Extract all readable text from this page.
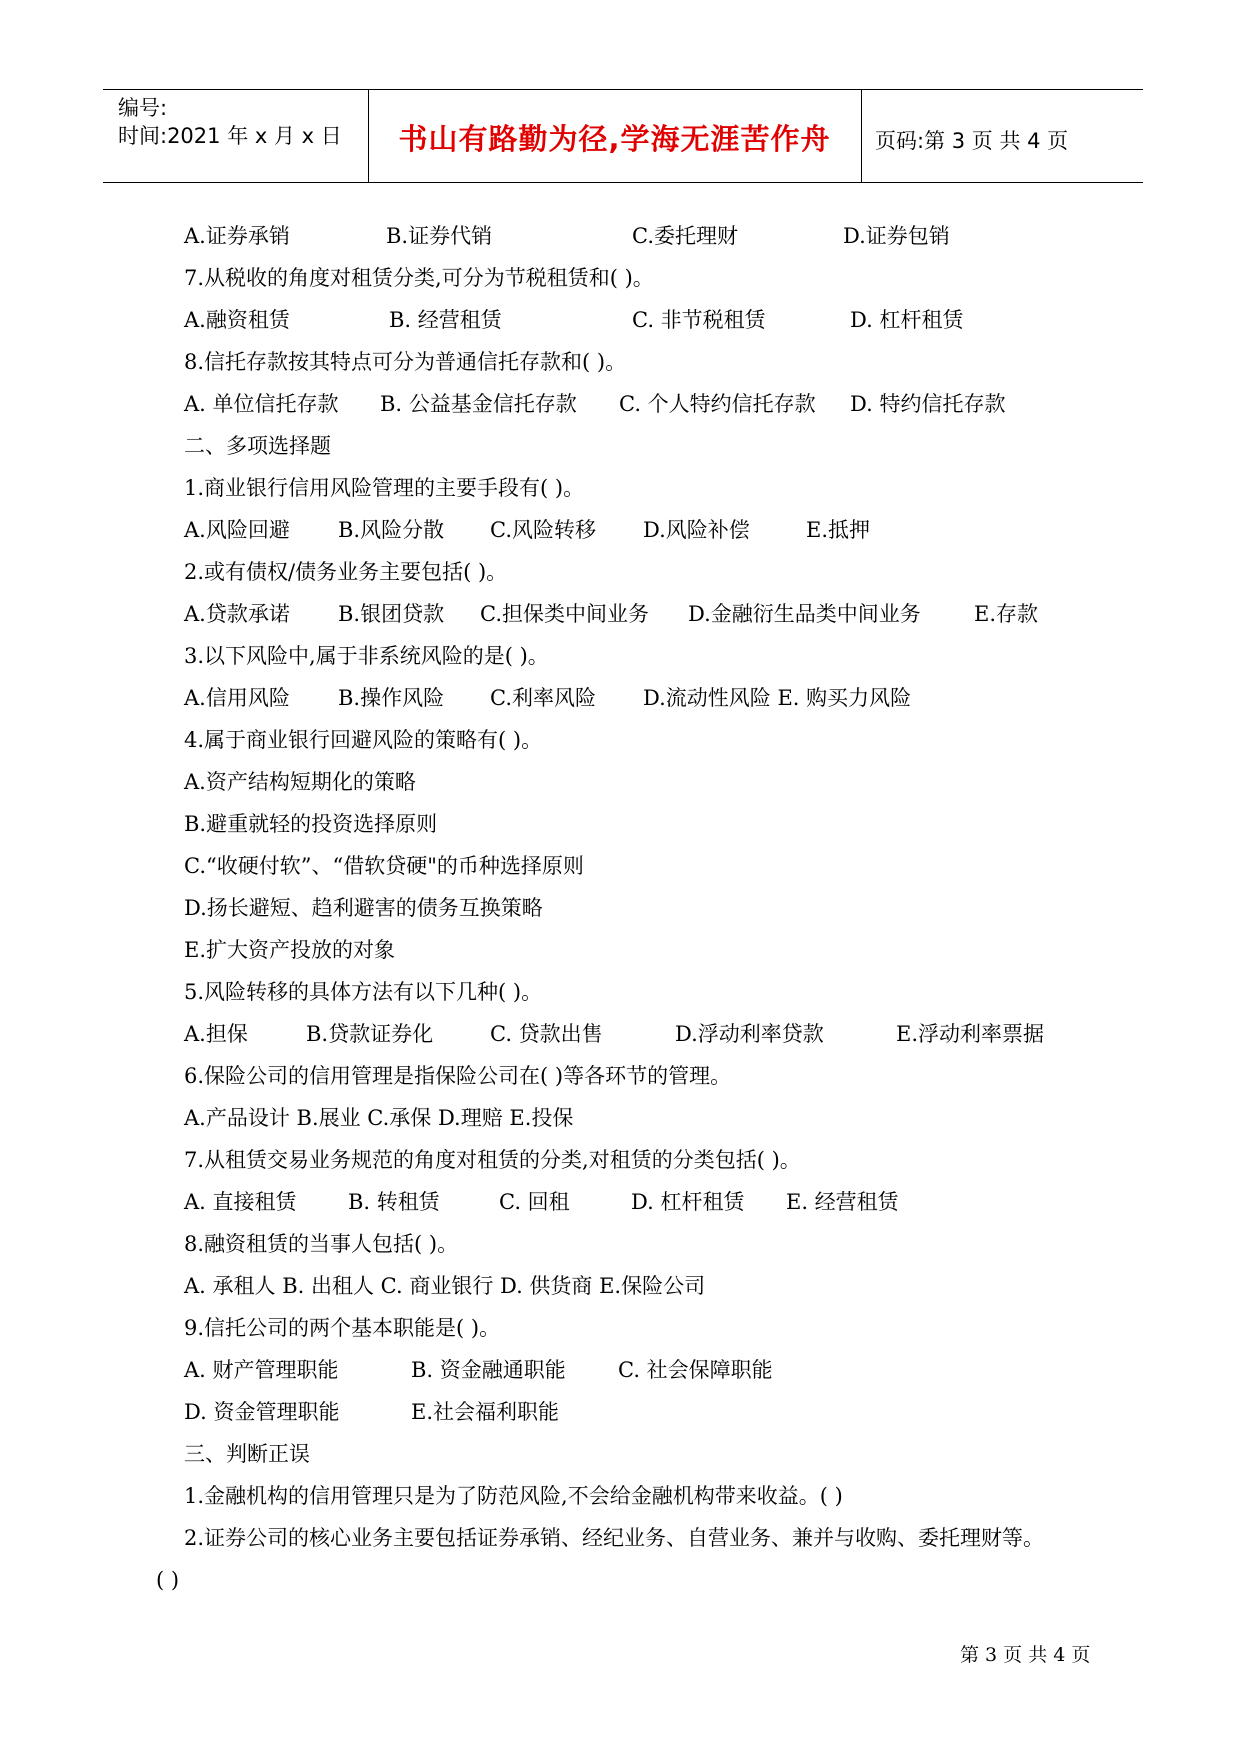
编号:
时间:2021 年 x 月 x 日	书山有路勤为径,学海无涯苦作舟	页码:第 3 页 共 4 页
A.证券承销	B.证券代销	C.委托理财	D.证券包销
7.从税收的角度对租赁分类,可分为节税租赁和( )。
A.融资租赁	B. 经营租赁	C. 非节税租赁	D. 杠杆租赁
8.信托存款按其特点可分为普通信托存款和( )。
A. 单位信托存款 B. 公益基金信托存款 C. 个人特约信托存款 D. 特约信托存款
二、多项选择题
1.商业银行信用风险管理的主要手段有( )。
A.风险回避 B.风险分散 C.风险转移 D.风险补偿	E.抵押
2.或有债权/债务业务主要包括( )。
A.贷款承诺 B.银团贷款 C.担保类中间业务 D.金融衍生品类中间业务	E.存款
3.以下风险中,属于非系统风险的是( )。
A.信用风险 B.操作风险 C.利率风险 D.流动性风险 E. 购买力风险
4.属于商业银行回避风险的策略有( )。
A.资产结构短期化的策略
B.避重就轻的投资选择原则
C.“收硬付软”、“借软贷硬"的币种选择原则
D.扬长避短、趋利避害的债务互换策略
E.扩大资产投放的对象
5.风险转移的具体方法有以下几种( )。
A.担保	B.贷款证券化	C. 贷款出售	D.浮动利率贷款	E.浮动利率票据
6.保险公司的信用管理是指保险公司在( )等各环节的管理。
A.产品设计 B.展业 C.承保 D.理赔 E.投保
7.从租赁交易业务规范的角度对租赁的分类,对租赁的分类包括( )。
A. 直接租赁 B. 转租赁	C. 回租	D. 杠杆租赁 E. 经营租赁
8.融资租赁的当事人包括( )。
A. 承租人 B. 出租人 C. 商业银行 D. 供货商 E.保险公司
9.信托公司的两个基本职能是( )。
A. 财产管理职能	B. 资金融通职能 C. 社会保障职能
D. 资金管理职能	E.社会福利职能
三、判断正误
1.金融机构的信用管理只是为了防范风险,不会给金融机构带来收益。( )
2.证券公司的核心业务主要包括证券承销、经纪业务、自营业务、兼并与收购、委托理财等。
( )
第 3 页 共 4 页
